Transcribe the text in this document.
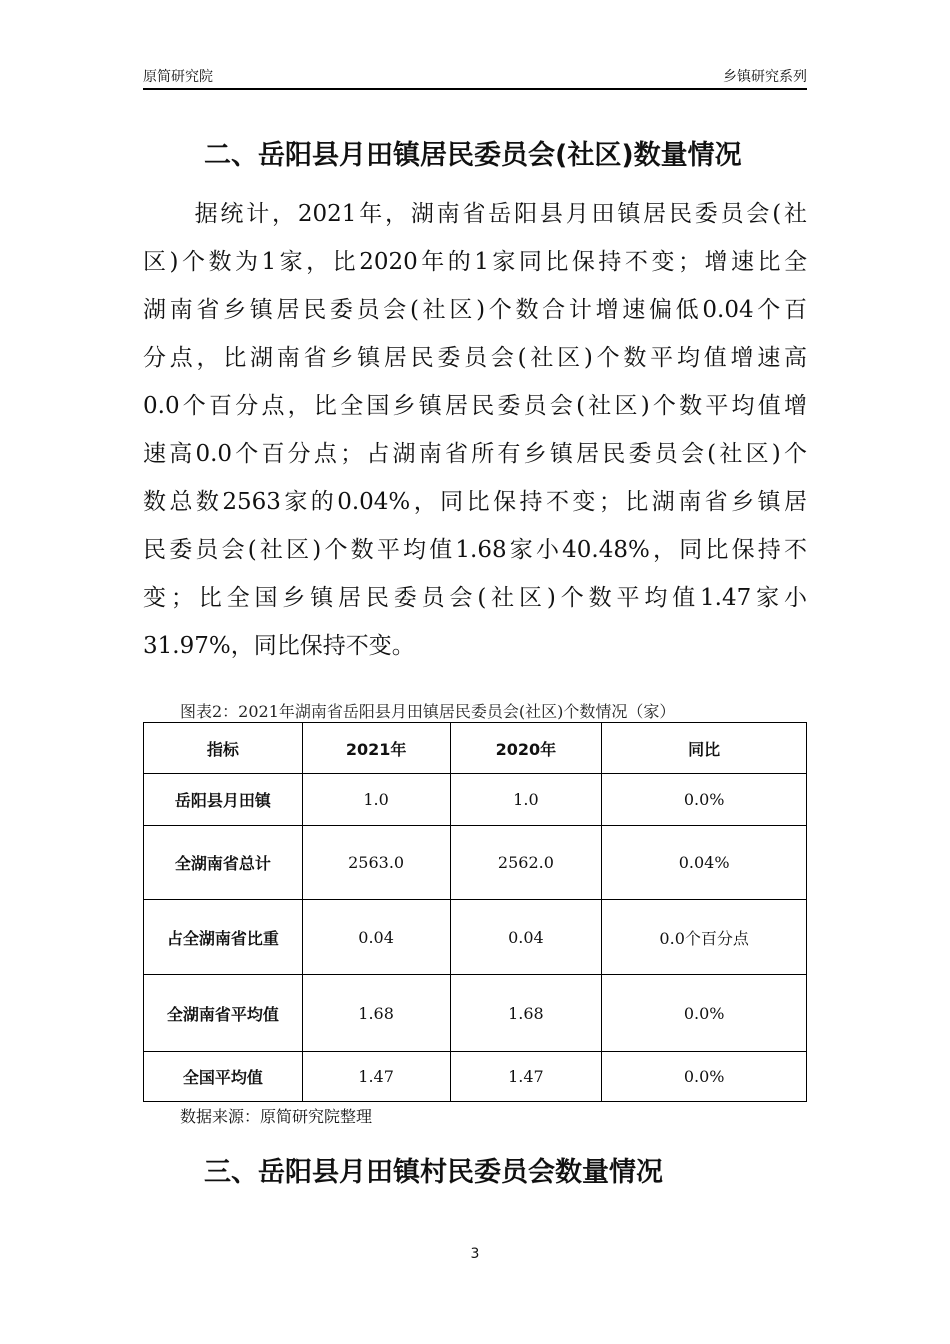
原简研究院	乡镇研究系列
二、岳阳县月田镇居民委员会(社区)数量情况
　　据统计，2021年，湖南省岳阳县月田镇居民委员会(社
区)个数为1家，比2020年的1家同比保持不变；增速比全
湖南省乡镇居民委员会(社区)个数合计增速偏低0.04个百
分点，比湖南省乡镇居民委员会(社区)个数平均值增速高
0.0个百分点，比全国乡镇居民委员会(社区)个数平均值增
速高0.0个百分点；占湖南省所有乡镇居民委员会(社区)个
数总数2563家的0.04%，同比保持不变；比湖南省乡镇居
民委员会(社区)个数平均值1.68家小40.48%，同比保持不
变；比全国乡镇居民委员会(社区)个数平均值1.47家小
31.97%，同比保持不变。
图表2：2021年湖南省岳阳县月田镇居民委员会(社区)个数情况（家）
指标	2021年	2020年	同比
岳阳县月田镇	1.0	1.0	0.0%
全湖南省总计	2563.0	2562.0	0.04%
占全湖南省比重	0.04	0.04	0.0个百分点
全湖南省平均值	1.68	1.68	0.0%
全国平均值	1.47	1.47	0.0%
数据来源：原简研究院整理
三、岳阳县月田镇村民委员会数量情况
3
